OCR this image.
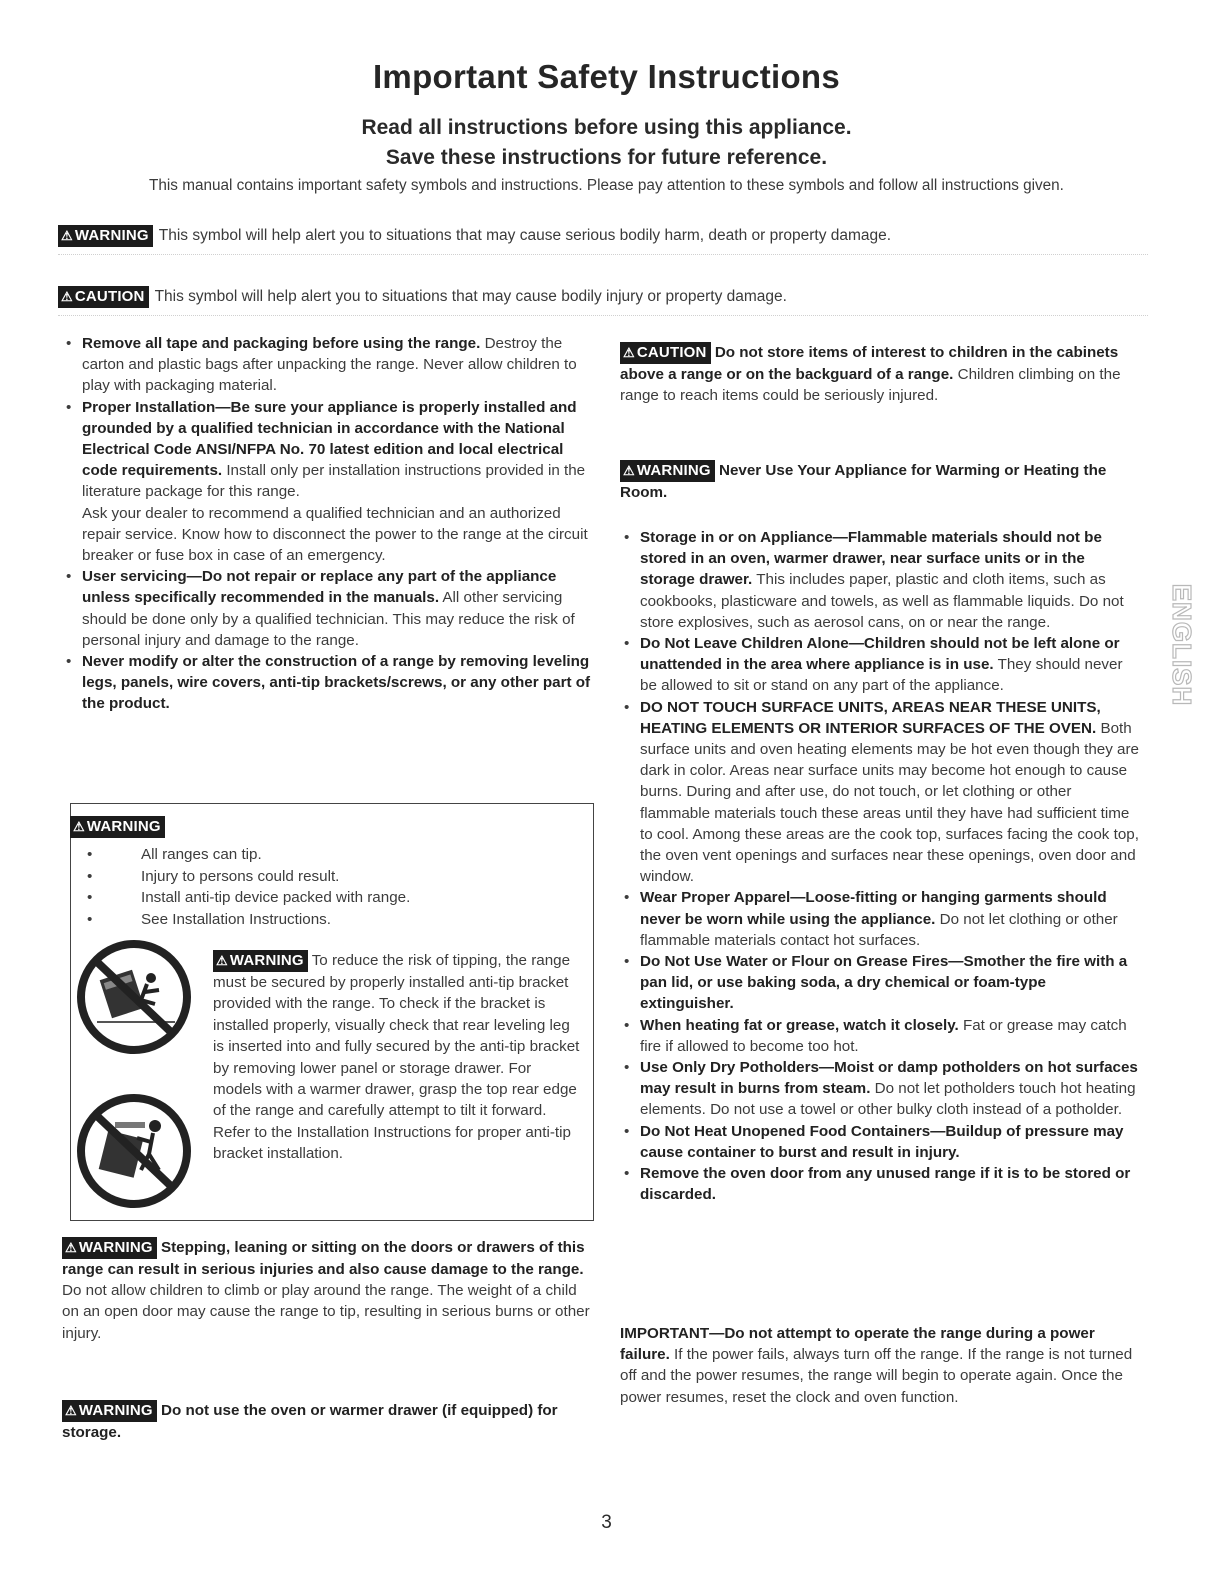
Important Safety Instructions
Read all instructions before using this appliance.
Save these instructions for future reference.
This manual contains important safety symbols and instructions. Please pay attention to these symbols and follow all instructions given.
⚠ WARNING This symbol will help alert you to situations that may cause serious bodily harm, death or property damage.
⚠ CAUTION This symbol will help alert you to situations that may cause bodily injury or property damage.

• Remove all tape and packaging before using the range. Destroy the carton and plastic bags after unpacking the range. Never allow children to play with packaging material.

• Proper Installation—Be sure your appliance is properly installed and grounded by a qualified technician in accordance with the National Electrical Code ANSI/NFPA No. 70 latest edition and local electrical code requirements. Install only per installation instructions provided in the literature package for this range.

Ask your dealer to recommend a qualified technician and an authorized repair service. Know how to disconnect the power to the range at the circuit breaker or fuse box in case of an emergency.

• User servicing—Do not repair or replace any part of the appliance unless specifically recommended in the manuals. All other servicing should be done only by a qualified technician. This may reduce the risk of personal injury and damage to the range.

• Never modify or alter the construction of a range by removing leveling legs, panels, wire covers, anti-tip brackets/screws, or any other part of the product.

⚠ WARNING
• All ranges can tip.
• Injury to persons could result.
• Install anti-tip device packed with range.
• See Installation Instructions.
⚠ WARNING To reduce the risk of tipping, the range must be secured by properly installed anti-tip bracket provided with the range. To check if the bracket is installed properly, visually check that rear leveling leg is inserted into and fully secured by the anti-tip bracket by removing lower panel or storage drawer. For models with a warmer drawer, grasp the top rear edge of the range and carefully attempt to tilt it forward. Refer to the Installation Instructions for proper anti-tip bracket installation.

⚠ WARNING Stepping, leaning or sitting on the doors or drawers of this range can result in serious injuries and also cause damage to the range. Do not allow children to climb or play around the range. The weight of a child on an open door may cause the range to tip, resulting in serious burns or other injury.

⚠ WARNING Do not use the oven or warmer drawer (if equipped) for storage.

⚠ CAUTION Do not store items of interest to children in the cabinets above a range or on the backguard of a range. Children climbing on the range to reach items could be seriously injured.

⚠ WARNING Never Use Your Appliance for Warming or Heating the Room.

• Storage in or on Appliance—Flammable materials should not be stored in an oven, warmer drawer, near surface units or in the storage drawer. This includes paper, plastic and cloth items, such as cookbooks, plasticware and towels, as well as flammable liquids. Do not store explosives, such as aerosol cans, on or near the range.

• Do Not Leave Children Alone—Children should not be left alone or unattended in the area where appliance is in use. They should never be allowed to sit or stand on any part of the appliance.

• DO NOT TOUCH SURFACE UNITS, AREAS NEAR THESE UNITS, HEATING ELEMENTS OR INTERIOR SURFACES OF THE OVEN. Both surface units and oven heating elements may be hot even though they are dark in color. Areas near surface units may become hot enough to cause burns. During and after use, do not touch, or let clothing or other flammable materials touch these areas until they have had sufficient time to cool. Among these areas are the cook top, surfaces facing the cook top, the oven vent openings and surfaces near these openings, oven door and window.

• Wear Proper Apparel—Loose-fitting or hanging garments should never be worn while using the appliance. Do not let clothing or other flammable materials contact hot surfaces.

• Do Not Use Water or Flour on Grease Fires—Smother the fire with a pan lid, or use baking soda, a dry chemical or foam-type extinguisher.

• When heating fat or grease, watch it closely. Fat or grease may catch fire if allowed to become too hot.

• Use Only Dry Potholders—Moist or damp potholders on hot surfaces may result in burns from steam. Do not let potholders touch hot heating elements. Do not use a towel or other bulky cloth instead of a potholder.

• Do Not Heat Unopened Food Containers—Buildup of pressure may cause container to burst and result in injury.

• Remove the oven door from any unused range if it is to be stored or discarded.

IMPORTANT—Do not attempt to operate the range during a power failure. If the power fails, always turn off the range. If the range is not turned off and the power resumes, the range will begin to operate again. Once the power resumes, reset the clock and oven function.

ENGLISH
3
